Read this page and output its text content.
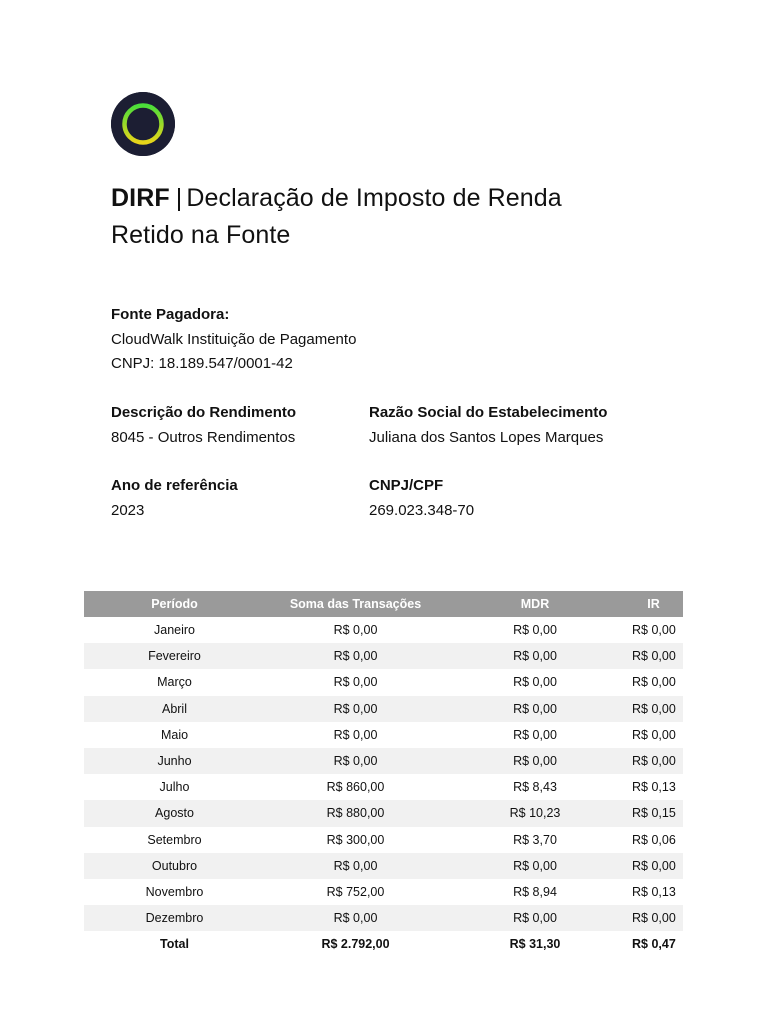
DIRF | Declaração de Imposto de Renda Retido na Fonte
Fonte Pagadora:
CloudWalk Instituição de Pagamento
CNPJ: 18.189.547/0001-42
Descrição do Rendimento
8045 - Outros Rendimentos
Razão Social do Estabelecimento
Juliana dos Santos Lopes Marques
Ano de referência
2023
CNPJ/CPF
269.023.348-70
Período	Soma das Transações	MDR	IR
Janeiro	R$ 0,00	R$ 0,00	R$ 0,00
Fevereiro	R$ 0,00	R$ 0,00	R$ 0,00
Março	R$ 0,00	R$ 0,00	R$ 0,00
Abril	R$ 0,00	R$ 0,00	R$ 0,00
Maio	R$ 0,00	R$ 0,00	R$ 0,00
Junho	R$ 0,00	R$ 0,00	R$ 0,00
Julho	R$ 860,00	R$ 8,43	R$ 0,13
Agosto	R$ 880,00	R$ 10,23	R$ 0,15
Setembro	R$ 300,00	R$ 3,70	R$ 0,06
Outubro	R$ 0,00	R$ 0,00	R$ 0,00
Novembro	R$ 752,00	R$ 8,94	R$ 0,13
Dezembro	R$ 0,00	R$ 0,00	R$ 0,00
Total	R$ 2.792,00	R$ 31,30	R$ 0,47
